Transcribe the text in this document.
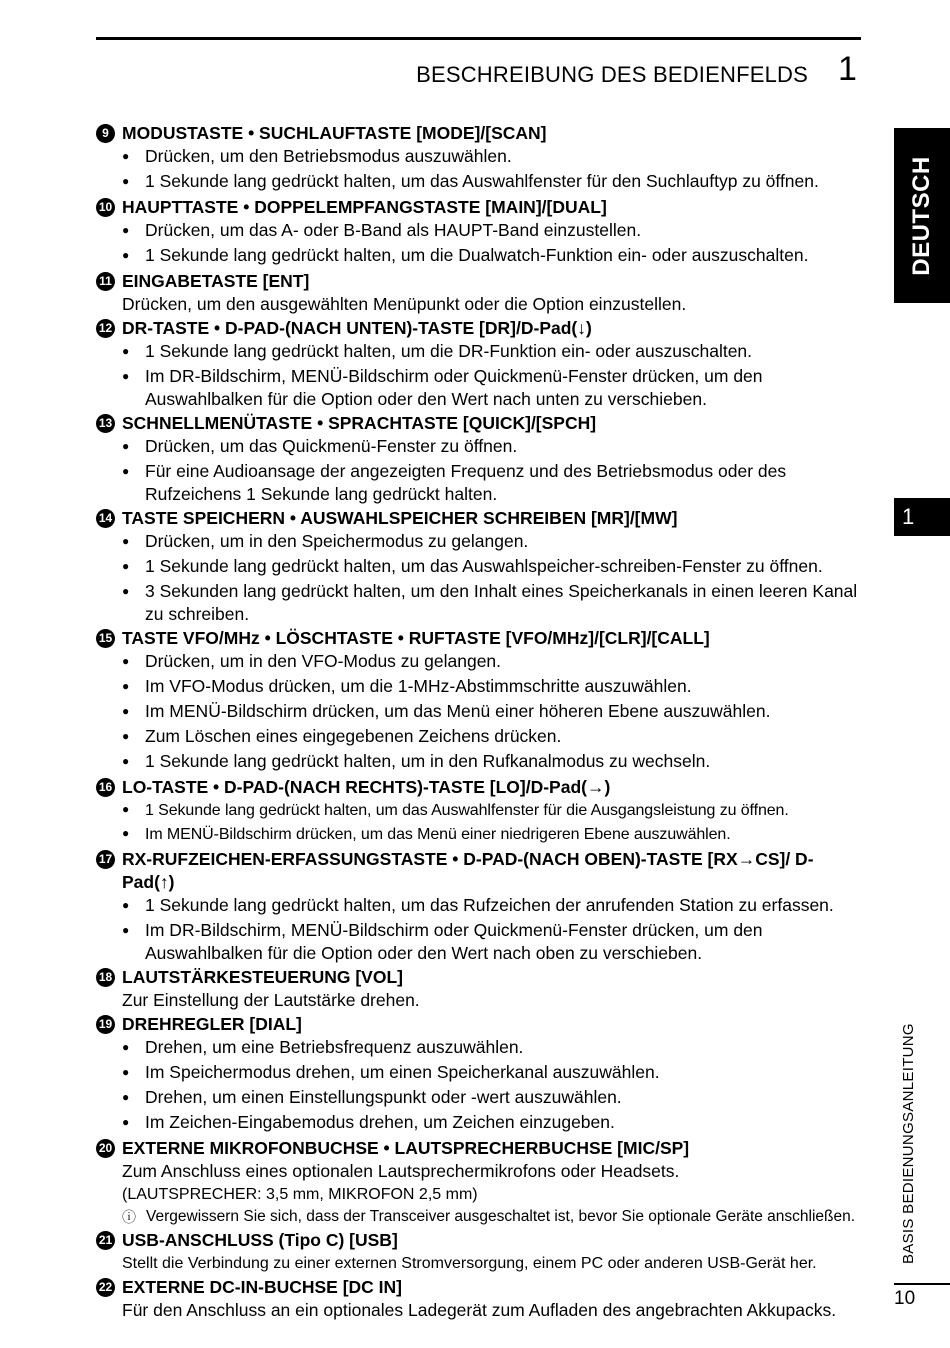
BESCHREIBUNG DES BEDIENFELDS 1
DEUTSCH
1
BASIS BEDIENUNGSANLEITUNG
10
9 MODUSTASTE • SUCHLAUFTASTE [MODE]/[SCAN]
●
Drücken, um den Betriebsmodus auszuwählen.
●
1 Sekunde lang gedrückt halten, um das Auswahlfenster für den Suchlauftyp zu öffnen.
10 HAUPTTASTE • DOPPELEMPFANGSTASTE [MAIN]/[DUAL]
●
Drücken, um das A- oder B-Band als HAUPT-Band einzustellen.
●
1 Sekunde lang gedrückt halten, um die Dualwatch-Funktion ein- oder auszuschalten.
11 EINGABETASTE [ENT]
Drücken, um den ausgewählten Menüpunkt oder die Option einzustellen.
12 DR-TASTE • D-PAD-(NACH UNTEN)-TASTE [DR]/D-Pad(↓)
●
1 Sekunde lang gedrückt halten, um die DR-Funktion ein- oder auszuschalten.
●
Im DR-Bildschirm, MENÜ-Bildschirm oder Quickmenü-Fenster drücken, um den Auswahlbalken für die Option oder den Wert nach unten zu verschieben.
13 SCHNELLMENÜTASTE • SPRACHTASTE [QUICK]/[SPCH]
●
Drücken, um das Quickmenü-Fenster zu öffnen.
●
Für eine Audioansage der angezeigten Frequenz und des Betriebsmodus oder des Rufzeichens 1 Sekunde lang gedrückt halten.
14 TASTE SPEICHERN • AUSWAHLSPEICHER SCHREIBEN [MR]/[MW]
●
Drücken, um in den Speichermodus zu gelangen.
●
1 Sekunde lang gedrückt halten, um das Auswahlspeicher-schreiben-Fenster zu öffnen.
●
3 Sekunden lang gedrückt halten, um den Inhalt eines Speicherkanals in einen leeren Kanal zu schreiben.
15 TASTE VFO/MHz • LÖSCHTASTE • RUFTASTE [VFO/MHz]/[CLR]/[CALL]
●
Drücken, um in den VFO-Modus zu gelangen.
●
Im VFO-Modus drücken, um die 1-MHz-Abstimmschritte auszuwählen.
●
Im MENÜ-Bildschirm drücken, um das Menü einer höheren Ebene auszuwählen.
●
Zum Löschen eines eingegebenen Zeichens drücken.
●
1 Sekunde lang gedrückt halten, um in den Rufkanalmodus zu wechseln.
16 LO-TASTE • D-PAD-(NACH RECHTS)-TASTE [LO]/D-Pad(→)
●
1 Sekunde lang gedrückt halten, um das Auswahlfenster für die Ausgangsleistung zu öffnen.
●
Im MENÜ-Bildschirm drücken, um das Menü einer niedrigeren Ebene auszuwählen.
17 RX-RUFZEICHEN-ERFASSUNGSTASTE • D-PAD-(NACH OBEN)-TASTE [RX→CS]/ D-Pad(↑)
●
1 Sekunde lang gedrückt halten, um das Rufzeichen der anrufenden Station zu erfassen.
●
Im DR-Bildschirm, MENÜ-Bildschirm oder Quickmenü-Fenster drücken, um den Auswahlbalken für die Option oder den Wert nach oben zu verschieben.
18 LAUTSTÄRKESTEUERUNG [VOL]
Zur Einstellung der Lautstärke drehen.
19 DREHREGLER [DIAL]
●
Drehen, um eine Betriebsfrequenz auszuwählen.
●
Im Speichermodus drehen, um einen Speicherkanal auszuwählen.
●
Drehen, um einen Einstellungspunkt oder -wert auszuwählen.
●
Im Zeichen-Eingabemodus drehen, um Zeichen einzugeben.
20 EXTERNE MIKROFONBUCHSE • LAUTSPRECHERBUCHSE [MIC/SP]
Zum Anschluss eines optionalen Lautsprechermikrofons oder Headsets.
(LAUTSPRECHER: 3,5 mm, MIKROFON 2,5 mm)
ⓘ Vergewissern Sie sich, dass der Transceiver ausgeschaltet ist, bevor Sie optionale Geräte anschließen.
21 USB-ANSCHLUSS (Tipo C) [USB]
Stellt die Verbindung zu einer externen Stromversorgung, einem PC oder anderen USB-Gerät her.
22 EXTERNE DC-IN-BUCHSE [DC IN]
Für den Anschluss an ein optionales Ladegerät zum Aufladen des angebrachten Akkupacks.
